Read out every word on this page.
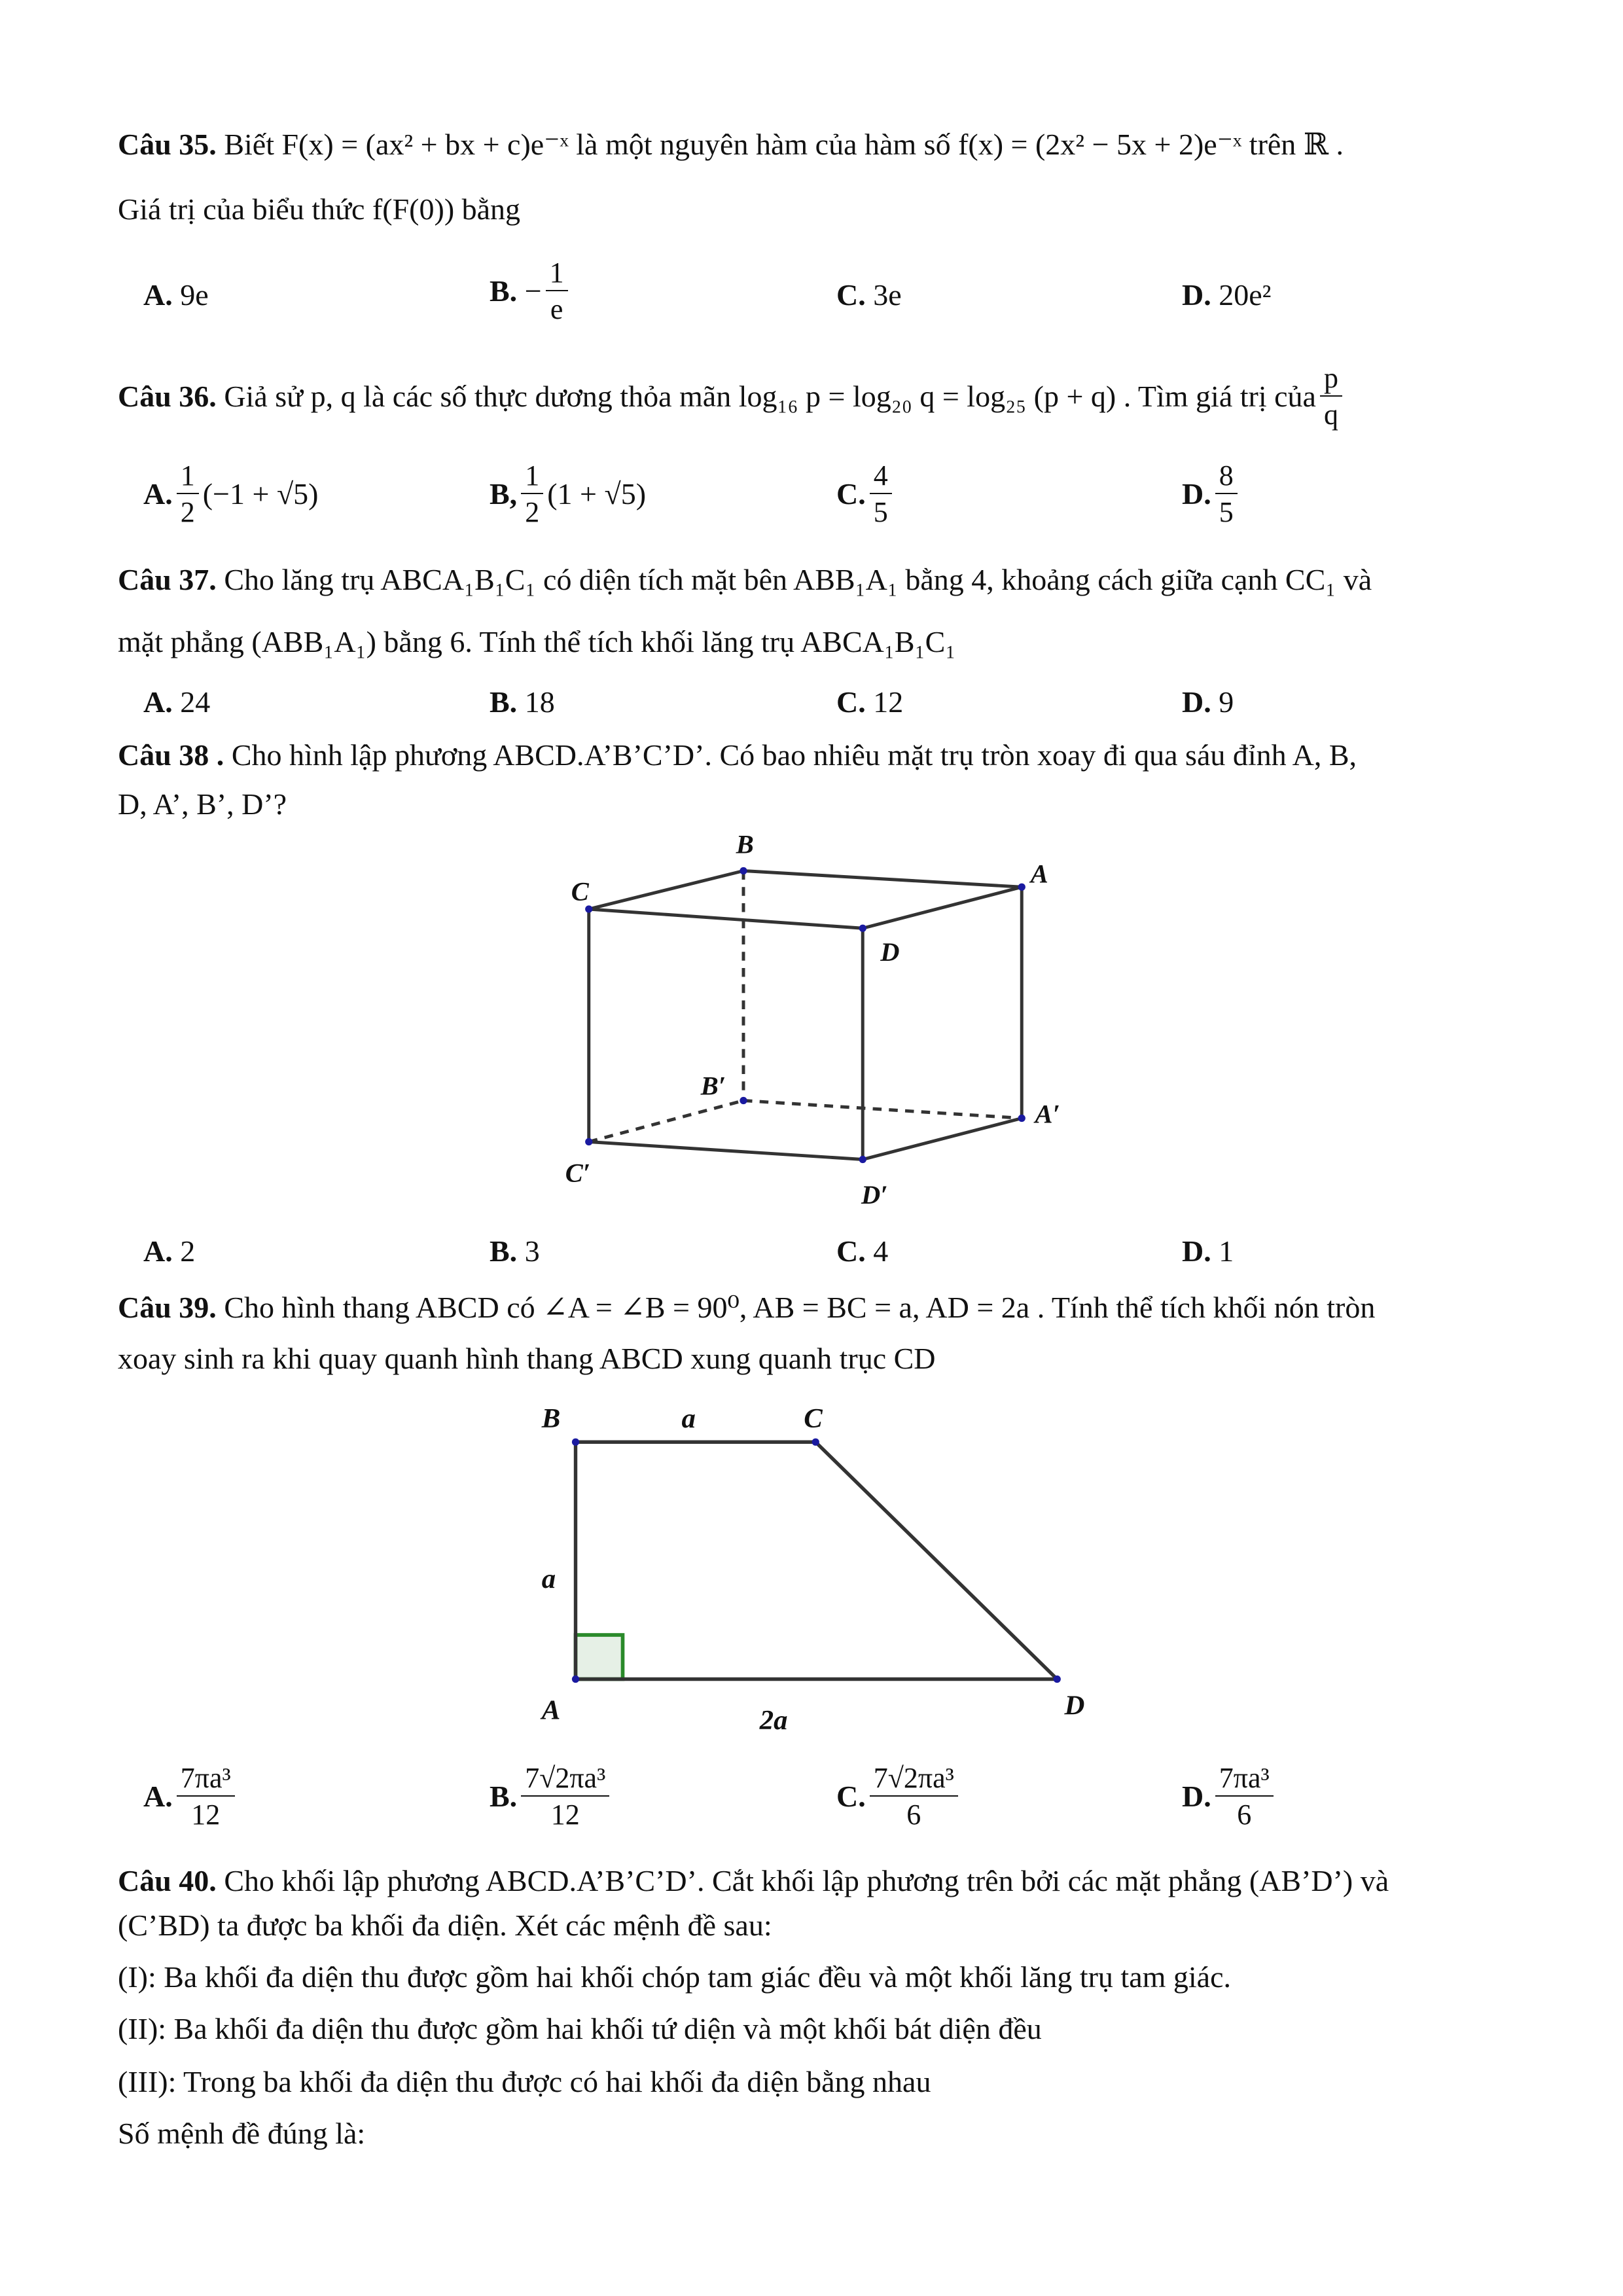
Câu 35. Biết F(x) = (ax² + bx + c)e⁻ˣ là một nguyên hàm của hàm số f(x) = (2x² − 5x + 2)e⁻ˣ trên ℝ .
Giá trị của biểu thức f(F(0)) bằng
A.
9e	B.
− $\frac{1}{e}$	C.
3e	D.
20e²
Câu 36.
Giả sử p, q là các số thực dương thỏa mãn log₁₆ p = log₂₀ q = log₂₅ (p + q) . Tìm giá trị của $\frac{p}{q}$
A. $\frac{1}{2} (-1 + √5)$	B, $\frac{1}{2} (1 + √5)$	C. $\frac{4}{5}$	D. $\frac{8}{5}$
Câu 37. Cho lăng trụ ABCA₁B₁C₁ có diện tích mặt bên ABB₁A₁ bằng 4, khoảng cách giữa cạnh CC₁ và
mặt phẳng (ABB₁A₁) bằng 6. Tính thể tích khối lăng trụ ABCA₁B₁C₁
A.
24	B.
18	C.
12	D.
9
Câu 38 . Cho hình lập phương ABCD.A’B’C’D’. Có bao nhiêu mặt trụ tròn xoay đi qua sáu đỉnh A, B,
D, A’, B’, D’?
B
C
A
D
B′
A′
C′
D′
A.
2	B.
3	C.
4	D.
1
Câu 39. Cho hình thang ABCD có ∠A = ∠B = 90⁰, AB = BC = a, AD = 2a . Tính thể tích khối nón tròn
xoay sinh ra khi quay quanh hình thang ABCD xung quanh trục CD
B	a	C
a
A	2a	D
A. $\frac{\text{7πa³}}{12}$	B. $\frac{\text{7√2πa³}}{12}$	C. $\frac{\text{7√2πa³}}{6}$	D. $\frac{\text{7πa³}}{6}$
Câu 40. Cho khối lập phương ABCD.A’B’C’D’. Cắt khối lập phương trên bởi các mặt phẳng (AB’D’) và
(C’BD) ta được ba khối đa diện. Xét các mệnh đề sau:
(I): Ba khối đa diện thu được gồm hai khối chóp tam giác đều và một khối lăng trụ tam giác.
(II): Ba khối đa diện thu được gồm hai khối tứ diện và một khối bát diện đều
(III): Trong ba khối đa diện thu được có hai khối đa diện bằng nhau
Số mệnh đề đúng là:
